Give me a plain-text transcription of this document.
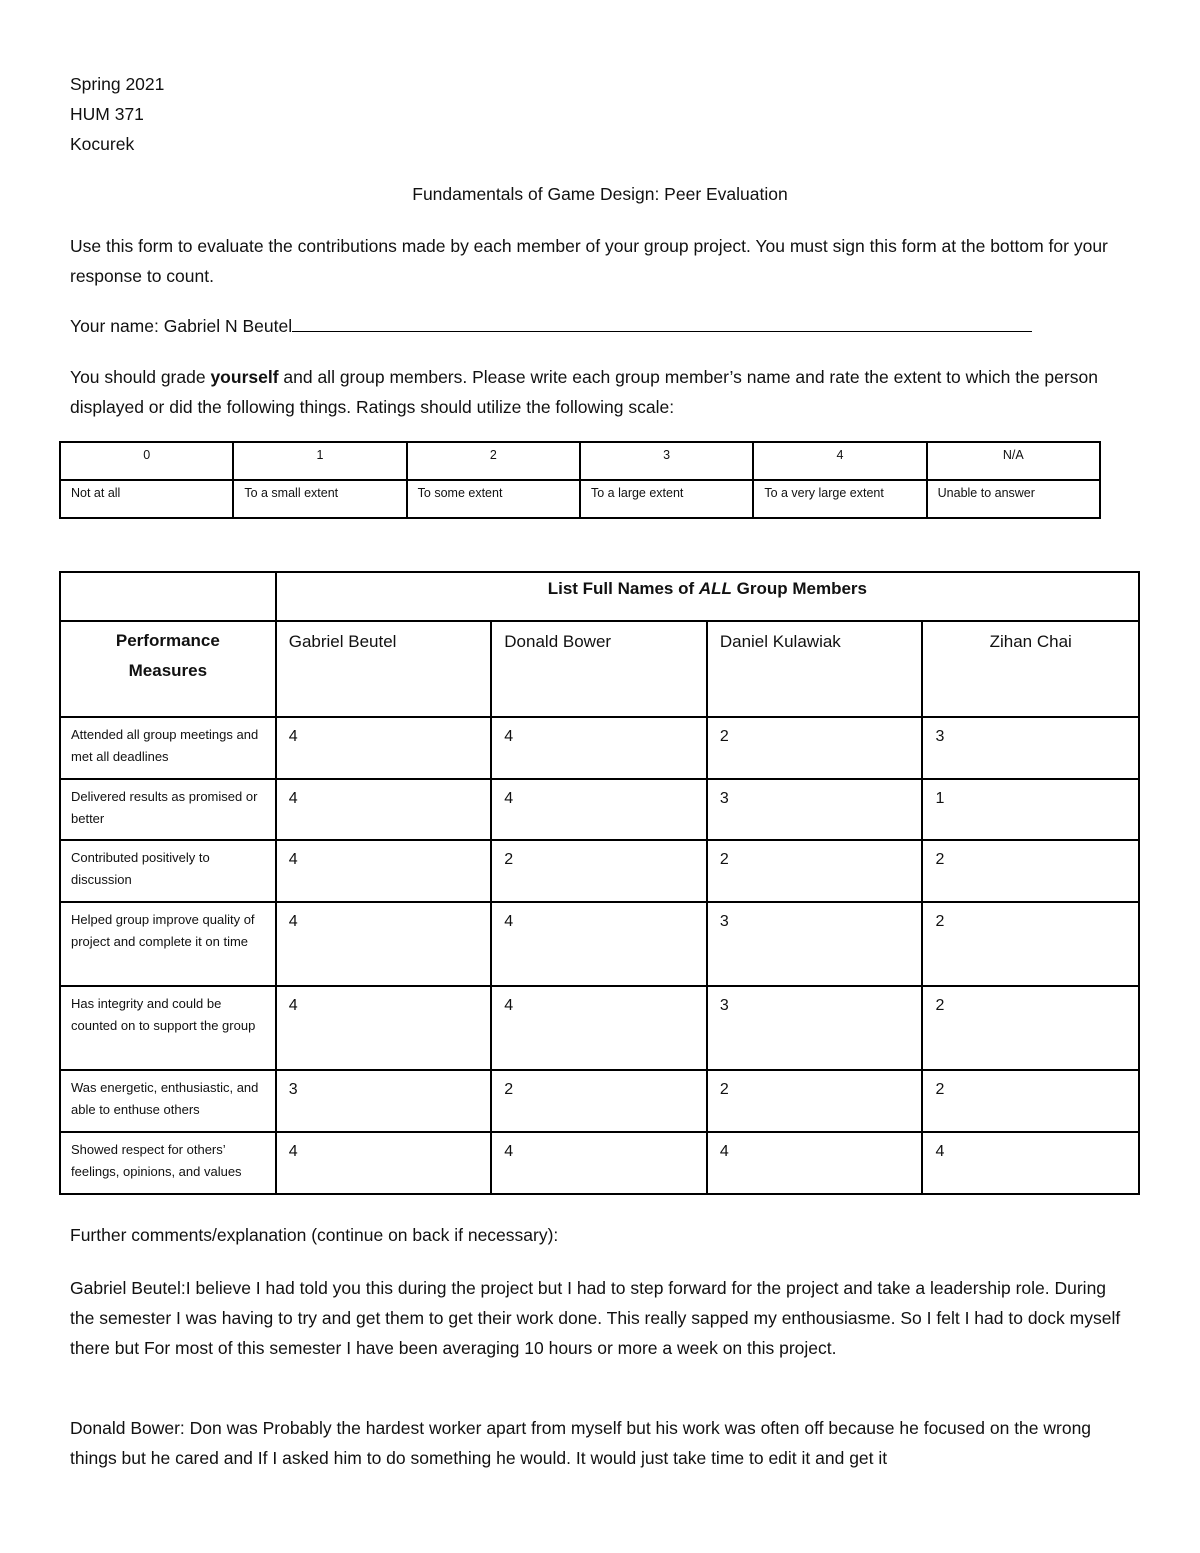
Spring 2021
HUM 371
Kocurek
Fundamentals of Game Design: Peer Evaluation
Use this form to evaluate the contributions made by each member of your group project. You must sign this form at the bottom for your response to count.
Your name: Gabriel N Beutel
You should grade yourself and all group members. Please write each group member’s name and rate the extent to which the person displayed or did the following things. Ratings should utilize the following scale:
0	1	2	3	4	N/A
Not at all	To a small extent	To some extent	To a large extent	To a very large extent	Unable to answer
	List Full Names of ALL Group Members			

Performance
Measures	Gabriel Beutel	Donald Bower	Daniel Kulawiak	Zihan Chai
Attended all group meetings and met all deadlines	4	4	2	3
Delivered results as promised or better	4	4	3	1
Contributed positively to discussion	4	2	2	2
Helped group improve quality of project and complete it on time	4	4	3	2
Has integrity and could be counted on to support the group	4	4	3	2
Was energetic, enthusiastic, and able to enthuse others	3	2	2	2
Showed respect for others’ feelings, opinions, and values	4	4	4	4
Further comments/explanation (continue on back if necessary):
Gabriel Beutel:I believe I had told you this during the project but I had to step forward for the project and take a leadership role. During the semester I was having to try and get them to get their work done. This really sapped my enthousiasme. So I felt I had to dock myself there but For most of this semester I have been averaging 10 hours or more a week on this project.
Donald Bower: Don was Probably the hardest worker apart from myself but his work was often off because he focused on the wrong things but he cared and If I asked him to do something he would. It would just take time to edit it and get it
